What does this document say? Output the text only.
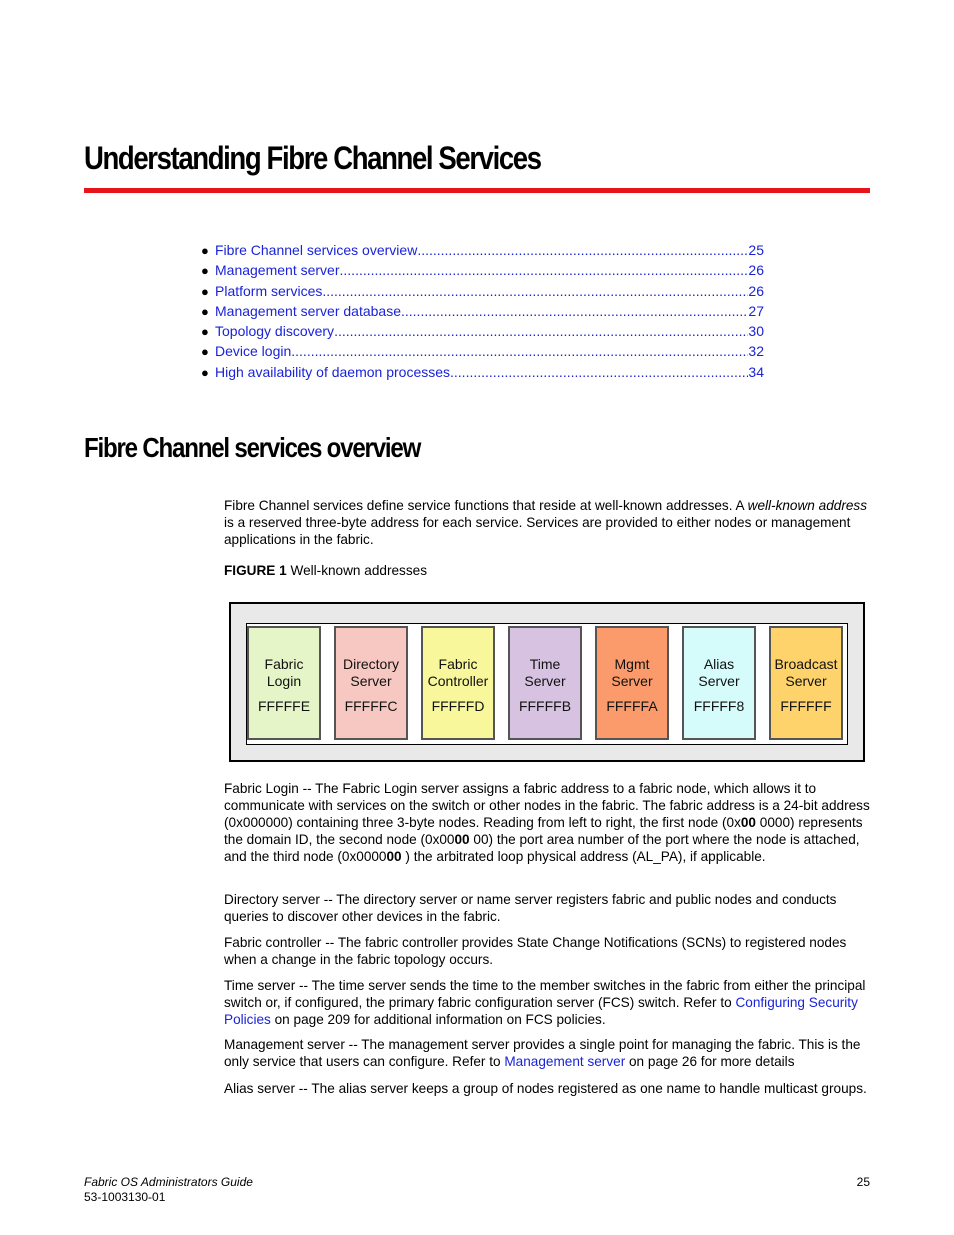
Understanding Fibre Channel Services
● Fibre Channel services overview .....	25
● Management server .....	26
● Platform services .....	26
● Management server database .....	27
● Topology discovery .....	30
● Device login .....	32
● High availability of daemon processes .....	34
Fibre Channel services overview

Fibre Channel services define service functions that reside at well-known addresses. A well-known address is a reserved three-byte address for each service. Services are provided to either nodes or management applications in the fabric.

FIGURE 1 Well-known addresses

Fabric
Login
FFFFFE
Directory
Server
FFFFFC
Fabric
Controller
FFFFFD
Time
Server
FFFFFB
Mgmt
Server
FFFFFA
Alias
Server
FFFFF8
Broadcast
Server
FFFFFF

Fabric Login -- The Fabric Login server assigns a fabric address to a fabric node, which allows it to communicate with services on the switch or other nodes in the fabric. The fabric address is a 24-bit address (0x000000) containing three 3-byte nodes. Reading from left to right, the first node (0x00 0000) represents the domain ID, the second node (0x0000 00) the port area number of the port where the node is attached, and the third node (0x000000 ) the arbitrated loop physical address (AL_PA), if applicable.

Directory server -- The directory server or name server registers fabric and public nodes and conducts queries to discover other devices in the fabric.

Fabric controller -- The fabric controller provides State Change Notifications (SCNs) to registered nodes when a change in the fabric topology occurs.

Time server -- The time server sends the time to the member switches in the fabric from either the principal switch or, if configured, the primary fabric configuration server (FCS) switch. Refer to Configuring Security Policies on page 209 for additional information on FCS policies.

Management server -- The management server provides a single point for managing the fabric. This is the only service that users can configure. Refer to Management server on page 26 for more details

Alias server -- The alias server keeps a group of nodes registered as one name to handle multicast groups.

Fabric OS Administrators Guide
53-1003130-01
25
